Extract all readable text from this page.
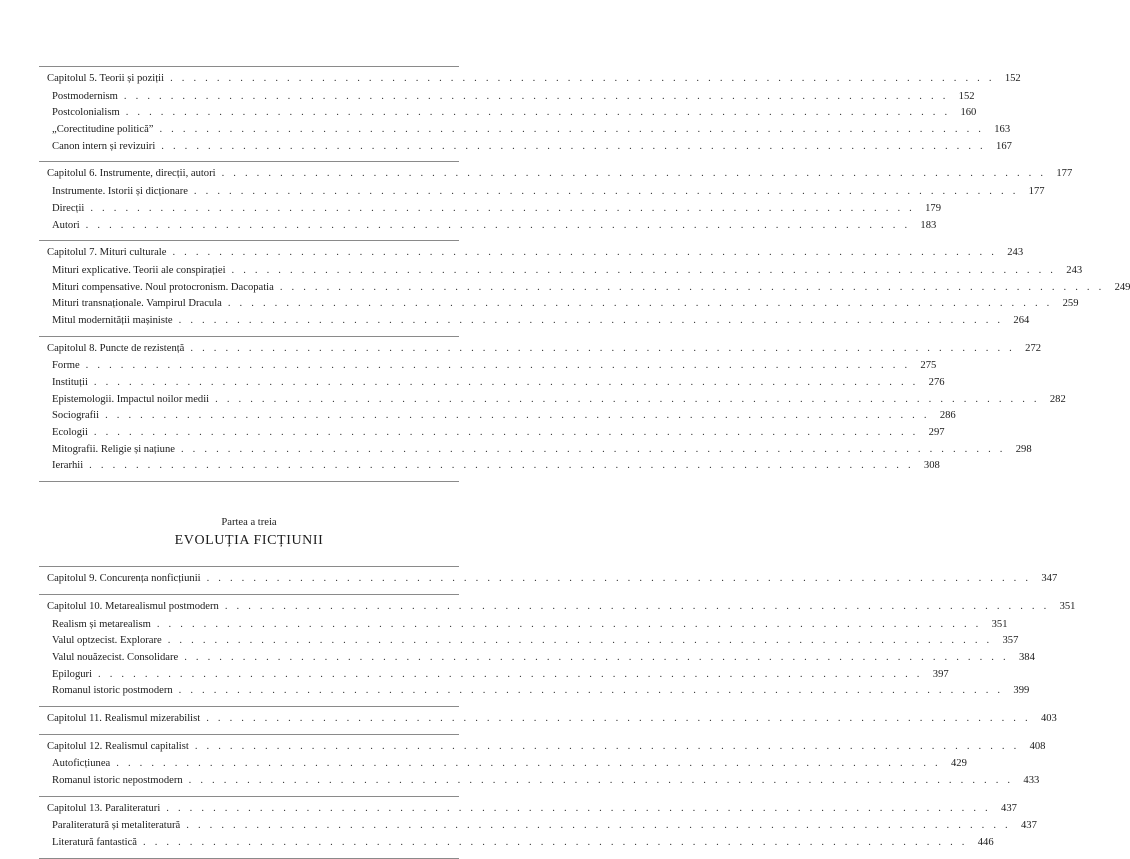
Capitolul 5. Teorii și poziții . . . . . . . . . . . . . . . . . . . . . . . . . . . . . . . . . . . . . . . . . . . . . . . . . . . . . . . . . . . . . . . . . . . . . . . 152
Postmodernism . . . . . . . . . . . . . . . . . . . . . . . . . . . . . . . . . . . . . . . . . . . . . . . . . . . . . . . . . . . . . . . . . . . . . . . 152
Postcolonialism . . . . . . . . . . . . . . . . . . . . . . . . . . . . . . . . . . . . . . . . . . . . . . . . . . . . . . . . . . . . . . . . . . . . . . . 160
„Corectitudine politică” . . . . . . . . . . . . . . . . . . . . . . . . . . . . . . . . . . . . . . . . . . . . . . . . . . . . . . . . . . . . . . . . . . . . . . . 163
Canon intern și revizuiri . . . . . . . . . . . . . . . . . . . . . . . . . . . . . . . . . . . . . . . . . . . . . . . . . . . . . . . . . . . . . . . . . . . . . . . 167
Capitolul 6. Instrumente, direcții, autori . . . . . . . . . . . . . . . . . . . . . . . . . . . . . . . . . . . . . . . . . . . . . . . . . . . . . . . . . . . . . . . . . . . . . . . 177
Instrumente. Istorii și dicționare . . . . . . . . . . . . . . . . . . . . . . . . . . . . . . . . . . . . . . . . . . . . . . . . . . . . . . . . . . . . . . . . . . . . . . . 177
Direcții . . . . . . . . . . . . . . . . . . . . . . . . . . . . . . . . . . . . . . . . . . . . . . . . . . . . . . . . . . . . . . . . . . . . . . . 179
Autori . . . . . . . . . . . . . . . . . . . . . . . . . . . . . . . . . . . . . . . . . . . . . . . . . . . . . . . . . . . . . . . . . . . . . . . 183
Capitolul 7. Mituri culturale . . . . . . . . . . . . . . . . . . . . . . . . . . . . . . . . . . . . . . . . . . . . . . . . . . . . . . . . . . . . . . . . . . . . . . . 243
Mituri explicative. Teorii ale conspirației . . . . . . . . . . . . . . . . . . . . . . . . . . . . . . . . . . . . . . . . . . . . . . . . . . . . . . . . . . . . . . . . . . . . . . . 243
Mituri compensative. Noul protocronism. Dacopatia . . . . . . . . . . . . . . . . . . . . . . . . . . . . . . . . . . . . . . . . . . . . . . . . . . . . . . . . . . . . . . . . . . . . . . . 249
Mituri transnaționale. Vampirul Dracula . . . . . . . . . . . . . . . . . . . . . . . . . . . . . . . . . . . . . . . . . . . . . . . . . . . . . . . . . . . . . . . . . . . . . . . 259
Mitul modernității mașiniste . . . . . . . . . . . . . . . . . . . . . . . . . . . . . . . . . . . . . . . . . . . . . . . . . . . . . . . . . . . . . . . . . . . . . . . 264
Capitolul 8. Puncte de rezistență . . . . . . . . . . . . . . . . . . . . . . . . . . . . . . . . . . . . . . . . . . . . . . . . . . . . . . . . . . . . . . . . . . . . . . . 272
Forme . . . . . . . . . . . . . . . . . . . . . . . . . . . . . . . . . . . . . . . . . . . . . . . . . . . . . . . . . . . . . . . . . . . . . . . 275
Instituții . . . . . . . . . . . . . . . . . . . . . . . . . . . . . . . . . . . . . . . . . . . . . . . . . . . . . . . . . . . . . . . . . . . . . . . 276
Epistemologii. Impactul noilor medii . . . . . . . . . . . . . . . . . . . . . . . . . . . . . . . . . . . . . . . . . . . . . . . . . . . . . . . . . . . . . . . . . . . . . . . 282
Sociografii . . . . . . . . . . . . . . . . . . . . . . . . . . . . . . . . . . . . . . . . . . . . . . . . . . . . . . . . . . . . . . . . . . . . . . . 286
Ecologii . . . . . . . . . . . . . . . . . . . . . . . . . . . . . . . . . . . . . . . . . . . . . . . . . . . . . . . . . . . . . . . . . . . . . . . 297
Mitografii. Religie și națiune . . . . . . . . . . . . . . . . . . . . . . . . . . . . . . . . . . . . . . . . . . . . . . . . . . . . . . . . . . . . . . . . . . . . . . . 298
Ierarhii . . . . . . . . . . . . . . . . . . . . . . . . . . . . . . . . . . . . . . . . . . . . . . . . . . . . . . . . . . . . . . . . . . . . . . . 308
Partea a treia
EVOLUȚIA FICȚIUNII
Capitolul 9. Concurența nonficțiunii . . . . . . . . . . . . . . . . . . . . . . . . . . . . . . . . . . . . . . . . . . . . . . . . . . . . . . . . . . . . . . . . . . . . . . . 347
Capitolul 10. Metarealismul postmodern . . . . . . . . . . . . . . . . . . . . . . . . . . . . . . . . . . . . . . . . . . . . . . . . . . . . . . . . . . . . . . . . . . . . . . . 351
Realism și metarealism . . . . . . . . . . . . . . . . . . . . . . . . . . . . . . . . . . . . . . . . . . . . . . . . . . . . . . . . . . . . . . . . . . . . . . . 351
Valul optzecist. Explorare . . . . . . . . . . . . . . . . . . . . . . . . . . . . . . . . . . . . . . . . . . . . . . . . . . . . . . . . . . . . . . . . . . . . . . . 357
Valul nouăzecist. Consolidare . . . . . . . . . . . . . . . . . . . . . . . . . . . . . . . . . . . . . . . . . . . . . . . . . . . . . . . . . . . . . . . . . . . . . . . 384
Epiloguri . . . . . . . . . . . . . . . . . . . . . . . . . . . . . . . . . . . . . . . . . . . . . . . . . . . . . . . . . . . . . . . . . . . . . . . 397
Romanul istoric postmodern . . . . . . . . . . . . . . . . . . . . . . . . . . . . . . . . . . . . . . . . . . . . . . . . . . . . . . . . . . . . . . . . . . . . . . . 399
Capitolul 11. Realismul mizerabilist . . . . . . . . . . . . . . . . . . . . . . . . . . . . . . . . . . . . . . . . . . . . . . . . . . . . . . . . . . . . . . . . . . . . . . . 403
Capitolul 12. Realismul capitalist . . . . . . . . . . . . . . . . . . . . . . . . . . . . . . . . . . . . . . . . . . . . . . . . . . . . . . . . . . . . . . . . . . . . . . . 408
Autoficțiunea . . . . . . . . . . . . . . . . . . . . . . . . . . . . . . . . . . . . . . . . . . . . . . . . . . . . . . . . . . . . . . . . . . . . . . . 429
Romanul istoric nepostmodern . . . . . . . . . . . . . . . . . . . . . . . . . . . . . . . . . . . . . . . . . . . . . . . . . . . . . . . . . . . . . . . . . . . . . . . 433
Capitolul 13. Paraliteraturi . . . . . . . . . . . . . . . . . . . . . . . . . . . . . . . . . . . . . . . . . . . . . . . . . . . . . . . . . . . . . . . . . . . . . . . 437
Paraliteratură și metaliteratură . . . . . . . . . . . . . . . . . . . . . . . . . . . . . . . . . . . . . . . . . . . . . . . . . . . . . . . . . . . . . . . . . . . . . . . 437
Literatură fantastică . . . . . . . . . . . . . . . . . . . . . . . . . . . . . . . . . . . . . . . . . . . . . . . . . . . . . . . . . . . . . . . . . . . . . . . 446
